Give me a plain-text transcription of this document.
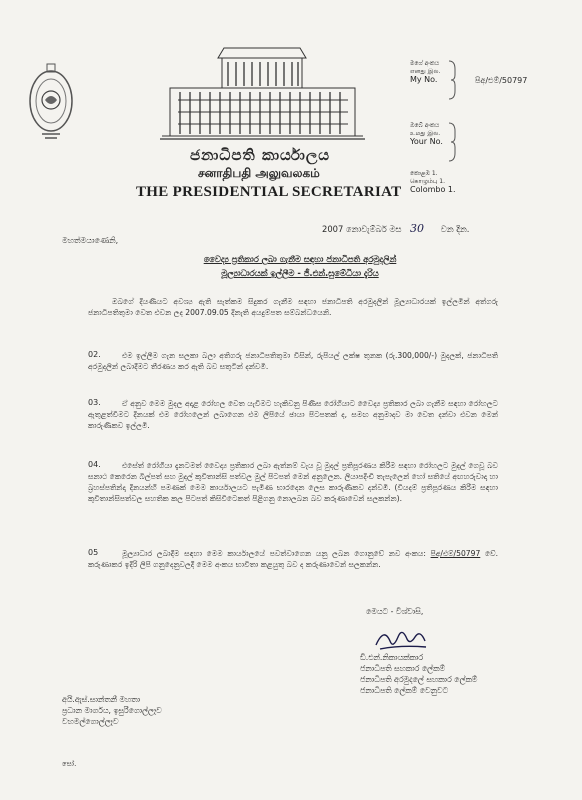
ජනාධිපති කාර්යාලය
சனாதிபதி அலுவலகம்
THE PRESIDENTIAL SECRETARIAT
මගේ අංකය
எனது இல.
My No.	පිඅ/එම්/50797
ඔබේ අංකය
உமது இல.
Your No.
කොළඹ 1.
கொழும்பு 1.
Colombo 1.
2007 නොවැම්බර් මස 30 වන දින.
මහත්මයාණෙනි,
වෛද්‍ය ප්‍රතිකාර ලබා ගැනීම සඳහා ජනාධිපති අරමුදලින්
මූල්‍යාධාරයක් ඉල්ලීම - ජී.එන්.සුමේධියා දැරිය
ඔබගේ දියණියට අවශ්‍ය ඇති සැත්කම සිදුකර ගැනීම සඳහා ජනාධිපති අරමුදලින් මූල්‍යාධාරයක් ඉල්ලමින් අත්ගරු ජනාධිපතිතුමා වෙත එවන ලද 2007.09.05 දිනැති අයදුම්පත සම්බන්ධයෙනි.
02.	එම ඉල්ලීම ගැන සලකා බලා අතිගරු ජනාධිපතිතුමා විසින්, රුපියල් ලක්ෂ තුනක (රු.300,000/-) මුදලක්, ජනාධිපති අරමුදලින් ලබාදීමට තීරණය කර ඇති බව සතුටින් දන්වමි.
03.	ඒ අනුව මෙම මුදල අදාළ රෝහල වෙත යැවීමට හැකිවනු පිණිස රෝගියාට වෛද්‍ය ප්‍රතිකාර ලබා ගැනීම සඳහා රෝහලට ඇතුළත්වීමට දිනයක් එම රෝහලෙන් ලබාගෙන එම ලිපියේ ඡායා පිටපතක් ද, සමඟ අනුමාදව මා වෙත දන්වා එවන මෙන් කාරුණිකව ඉල්ලමි.
04.	එසේත් රෝගියා දැනටමත් වෛද්‍ය ප්‍රතිකාර ලබා ඇත්නම් වැය වූ මුදල් ප්‍රතිපූරණය කිරීම සඳහා රෝහලට මුදල් ගෙවූ බව සනාථ කෙරෙන බිල්පත් සහ මුදල් කුවිතාන්සි පත්වල මුල් පිටපත් මෙන් අනුලෙන. ලියාපදිංචි තැපැලෙන් හෝ සතියේ අඟහරුවාදා හා බ්‍රහස්පතින්දා දිනයන්හි පමණක් මෙම කාර්යාලයට පැමිණ භාරදෙන ලෙස කාරුණිකව දන්වමි. (වියදම් ප්‍රතිපූරණය කිරීම සඳහා කුවිතාන්සිපත්වල සහතික කල පිටපත් කිසිවිටෙකත් පිළිගනු නොලබන බව කරුණාවෙන් සලකන්න).
05	මූල්‍යාධාර ලබාදීම සඳහා මෙම කාර්යාලයේ පවත්වාගෙන යනු ලබන ගොනුවේ නව අංකය: පිඅ/එම්/50797 වේ. කරුණාකර ඉදිරි ලිපි ගනුදෙනුවලදී මෙම අංකය භාවිතා කළයුතු බව ද කරුණාවෙන් සලකන්න.
මෙයට - විශ්වාසි,
ඩී.එන්.නිකායක්කාර
ජනාධිපති සහකාර ලේකම්
ජනාධිපති අරමුදලේ සහකාර ලේකම්
ජනාධිපති ලේකම් වෙනුවට
අයි.ඇස්.සාන්තනී මහතා
ප්‍රධාන මාර්ගය, ඉසුරිගොල්ලෑව
වහමල්ගොල්ලෑව
සෝ.
